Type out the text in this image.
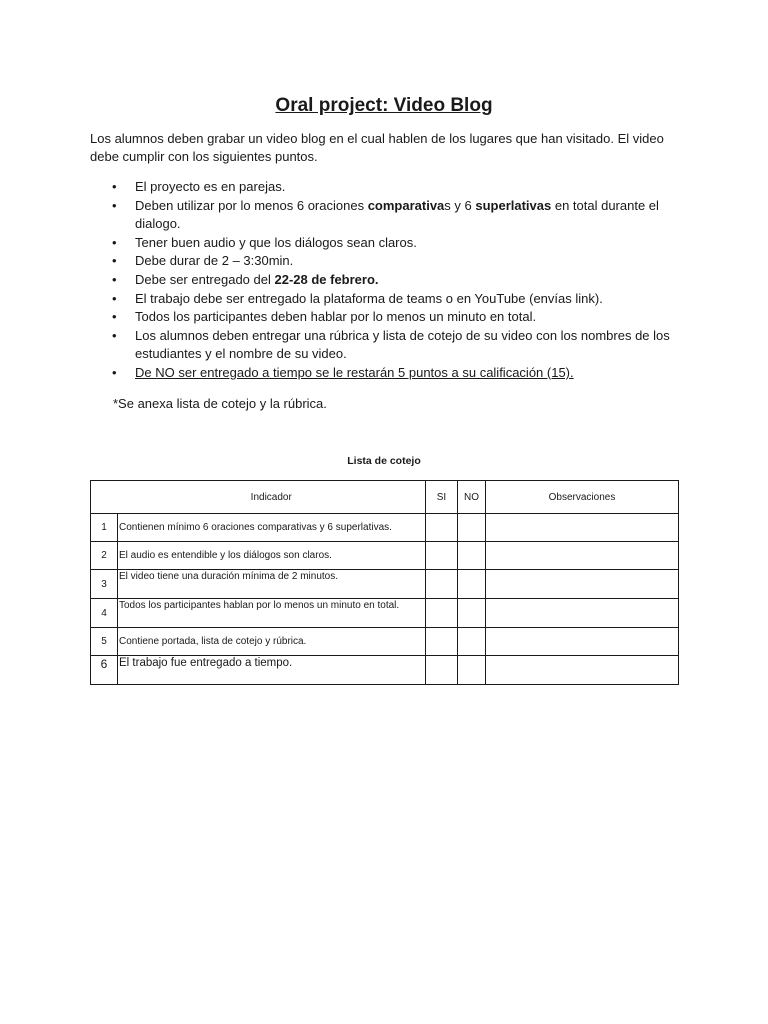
Oral project: Video Blog
Los alumnos deben grabar un video blog en el cual hablen de los lugares que han visitado. El video debe cumplir con los siguientes puntos.
• El proyecto es en parejas.
• Deben utilizar por lo menos 6 oraciones comparativas y 6 superlativas en total durante el dialogo.
• Tener buen audio y que los diálogos sean claros.
• Debe durar de 2 – 3:30min.
• Debe ser entregado del 22-28 de febrero.
• El trabajo debe ser entregado la plataforma de teams o en YouTube (envías link).
• Todos los participantes deben hablar por lo menos un minuto en total.
• Los alumnos deben entregar una rúbrica y lista de cotejo de su video con los nombres de los estudiantes y el nombre de su video.
• De NO ser entregado a tiempo se le restarán 5 puntos a su calificación (15).
*Se anexa lista de cotejo y la rúbrica.
Lista de cotejo
	Indicador	SI	NO	Observaciones
1	Contienen mínimo 6 oraciones comparativas y 6 superlativas.			
2	El audio es entendible y los diálogos son claros.			
3	El video tiene una duración mínima de 2 minutos.			
4	Todos los participantes hablan por lo menos un minuto en total.			
5	Contiene portada, lista de cotejo y rúbrica.			
6	El trabajo fue entregado a tiempo.			
